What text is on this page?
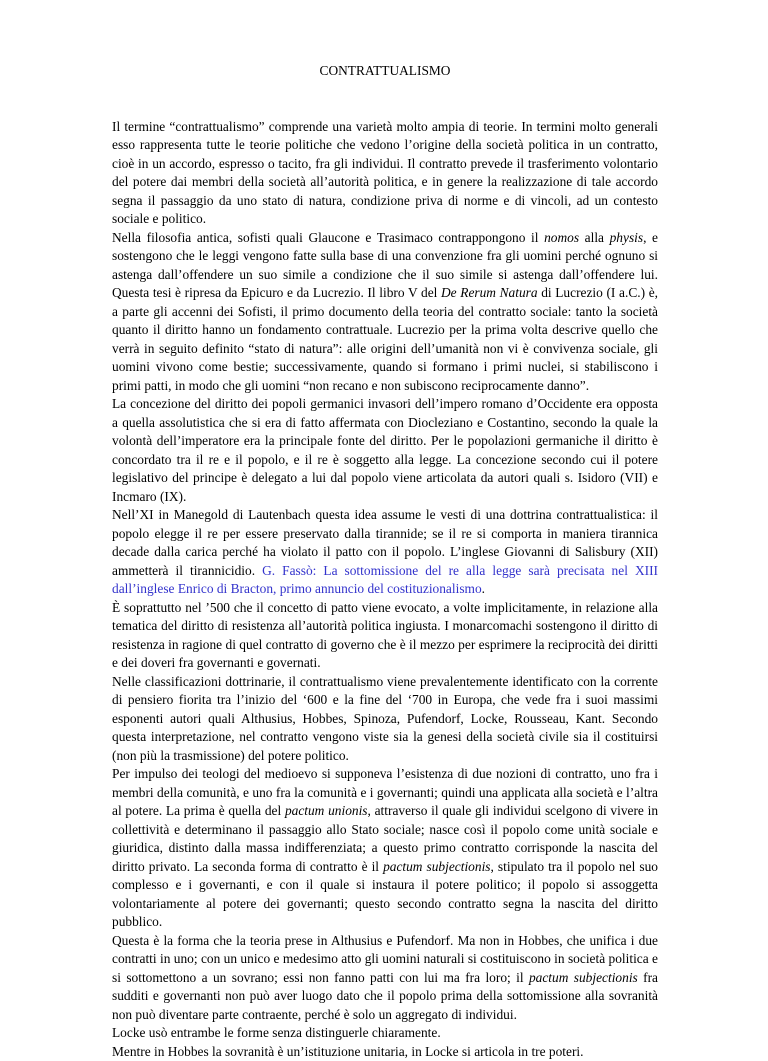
CONTRATTUALISMO

Il termine “contrattualismo” comprende una varietà molto ampia di teorie. In termini molto generali esso rappresenta tutte le teorie politiche che vedono l’origine della società politica in un contratto, cioè in un accordo, espresso o tacito, fra gli individui. Il contratto prevede il trasferimento volontario del potere dai membri della società all’autorità politica, e in genere la realizzazione di tale accordo segna il passaggio da uno stato di natura, condizione priva di norme e di vincoli, ad un contesto sociale e politico.

Nella filosofia antica, sofisti quali Glaucone e Trasimaco contrappongono il nomos alla physis, e sostengono che le leggi vengono fatte sulla base di una convenzione fra gli uomini perché ognuno si astenga dall’offendere un suo simile a condizione che il suo simile si astenga dall’offendere lui. Questa tesi è ripresa da Epicuro e da Lucrezio. Il libro V del De Rerum Natura di Lucrezio (I a.C.) è, a parte gli accenni dei Sofisti, il primo documento della teoria del contratto sociale: tanto la società quanto il diritto hanno un fondamento contrattuale. Lucrezio per la prima volta descrive quello che verrà in seguito definito “stato di natura”: alle origini dell’umanità non vi è convivenza sociale, gli uomini vivono come bestie; successivamente, quando si formano i primi nuclei, si stabiliscono i primi patti, in modo che gli uomini “non recano e non subiscono reciprocamente danno”.

La concezione del diritto dei popoli germanici invasori dell’impero romano d’Occidente era opposta a quella assolutistica che si era di fatto affermata con Diocleziano e Costantino, secondo la quale la volontà dell’imperatore era la principale fonte del diritto. Per le popolazioni germaniche il diritto è concordato tra il re e il popolo, e il re è soggetto alla legge. La concezione secondo cui il potere legislativo del principe è delegato a lui dal popolo viene articolata da autori quali s. Isidoro (VII) e Incmaro (IX).

Nell’XI in Manegold di Lautenbach questa idea assume le vesti di una dottrina contrattualistica: il popolo elegge il re per essere preservato dalla tirannide; se il re si comporta in maniera tirannica decade dalla carica perché ha violato il patto con il popolo. L’inglese Giovanni di Salisbury (XII) ammetterà il tirannicidio. G. Fassò: La sottomissione del re alla legge sarà precisata nel XIII dall’inglese Enrico di Bracton, primo annuncio del costituzionalismo.

È soprattutto nel ’500 che il concetto di patto viene evocato, a volte implicitamente, in relazione alla tematica del diritto di resistenza all’autorità politica ingiusta. I monarcomachi sostengono il diritto di resistenza in ragione di quel contratto di governo che è il mezzo per esprimere la reciprocità dei diritti e dei doveri fra governanti e governati.

Nelle classificazioni dottrinarie, il contrattualismo viene prevalentemente identificato con la corrente di pensiero fiorita tra l’inizio del ‘600 e la fine del ‘700 in Europa, che vede fra i suoi massimi esponenti autori quali Althusius, Hobbes, Spinoza, Pufendorf, Locke, Rousseau, Kant. Secondo questa interpretazione, nel contratto vengono viste sia la genesi della società civile sia il costituirsi (non più la trasmissione) del potere politico.

Per impulso dei teologi del medioevo si supponeva l’esistenza di due nozioni di contratto, uno fra i membri della comunità, e uno fra la comunità e i governanti; quindi una applicata alla società e l’altra al potere. La prima è quella del pactum unionis, attraverso il quale gli individui scelgono di vivere in collettività e determinano il passaggio allo Stato sociale; nasce così il popolo come unità sociale e giuridica, distinto dalla massa indifferenziata; a questo primo contratto corrisponde la nascita del diritto privato. La seconda forma di contratto è il pactum subjectionis, stipulato tra il popolo nel suo complesso e i governanti, e con il quale si instaura il potere politico; il popolo si assoggetta volontariamente al potere dei governanti; questo secondo contratto segna la nascita del diritto pubblico.

Questa è la forma che la teoria prese in Althusius e Pufendorf. Ma non in Hobbes, che unifica i due contratti in uno; con un unico e medesimo atto gli uomini naturali si costituiscono in società politica e si sottomettono a un sovrano; essi non fanno patti con lui ma fra loro; il pactum subjectionis fra sudditi e governanti non può aver luogo dato che il popolo prima della sottomissione alla sovranità non può diventare parte contraente, perché è solo un aggregato di individui.

Locke usò entrambe le forme senza distinguerle chiaramente.

Mentre in Hobbes la sovranità è un’istituzione unitaria, in Locke si articola in tre poteri.
